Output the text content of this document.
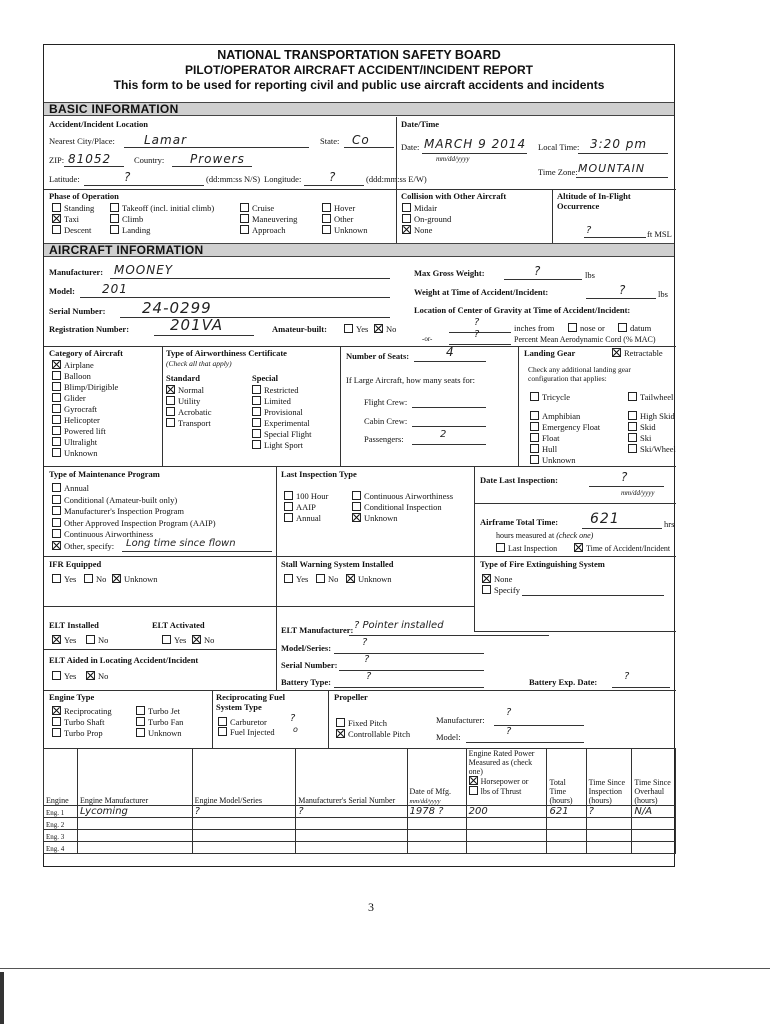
NATIONAL TRANSPORTATION SAFETY BOARD
PILOT/OPERATOR AIRCRAFT ACCIDENT/INCIDENT REPORT
This form to be used for reporting civil and public use aircraft accidents and incidents
BASIC INFORMATION
Accident/Incident Location
Nearest City/Place: Lamar	State: Co
ZIP: 81052	Country: Prowers
Latitude:	?	(dd:mm:ss N/S) Longitude: ?	(ddd:mm:ss E/W)
Date/Time
Date: MARCH 9 2014
mm/dd/yyyy
Local Time: 3:20 pm
Time Zone: MOUNTAIN
Phase of Operation	Collision with Other Aircraft	Altitude of In-Flight
Occurrence
?	ft MSL
AIRCRAFT INFORMATION
Manufacturer: MOONEY
Model: 201
Serial Number: 24-0299
Registration Number:	201VA	Amateur-built:	Yes	No
Max Gross Weight:	?	lbs
Weight at Time of Accident/Incident:	?	lbs
Location of Center of Gravity at Time of Accident/Incident:
?	inches from	nose or	datum
-or-	?	Percent Mean Aerodynamic Cord (% MAC)
Category of Aircraft	Type of Airworthiness Certificate
(Check all that apply)
Standard	Special
Number of Seats:	4
If Large Aircraft, how many seats for:
Flight Crew:
Cabin Crew:
Passengers:	2
Landing Gear	Retractable
Check any additional landing gear
configuration that applies:
Type of Maintenance Program
Other, specify: Long time since flown
Last Inspection Type
Date Last Inspection:	?
mm/dd/yyyy
Airframe Total Time: 621	hrs
hours measured at (check one)
Last Inspection	Time of Accident/Incident
IFR Equipped
Yes	No	Unknown
Stall Warning System Installed
Yes	No	Unknown
Type of Fire Extinguishing System
None
Specify
ELT Installed
Yes	No
ELT Activated
Yes	No
ELT Aided in Locating Accident/Incident
Yes	No
ELT Manufacturer: ? Pointer installed
Model/Series:	?
Serial Number:	?
Battery Type:	?	Battery Exp. Date:	?
Engine Type	Reciprocating Fuel
System Type
Carburetor ?
Fuel Injected o
Propeller
Fixed Pitch
Controllable Pitch
Manufacturer:
?
Model:	?
Engine	Engine Manufacturer	Engine Model/Series	Manufacturer's Serial Number	Date of Mfg.
mm/dd/yyyy	Engine Rated Power Measured as (check one)
Horsepower or
lbs of Thrust	Total Time (hours)	Time Since Inspection (hours)	Time Since Overhaul (hours)
Eng. 1	Lycoming	?	?	1978 ?	200	621	?	N/A
Eng. 2								
Eng. 3								
Eng. 4								
Standing
Taxi
Descent
Takeoff (incl. initial climb)
Climb
Landing
Cruise
Maneuvering
Approach
Hover
Other
Unknown
Midair
On-ground
None
Airplane
Balloon
Blimp/Dirigible
Glider
Gyrocraft
Helicopter
Powered lift
Ultralight
Unknown
Normal
Utility
Acrobatic
Transport
Restricted
Limited
Provisional
Experimental
Special Flight
Light Sport
Tricycle
Amphibian
Emergency Float
Float
Hull
Unknown
Tailwheel
High Skid
Skid
Ski
Ski/Wheel
Annual
Conditional (Amateur-built only)
Manufacturer's Inspection Program
Other Approved Inspection Program (AAIP)
Continuous Airworthiness
100 Hour
AAIP
Annual
Continuous Airworthiness
Conditional Inspection
Unknown
Reciprocating
Turbo Shaft
Turbo Prop
Turbo Jet
Turbo Fan
Unknown
3
